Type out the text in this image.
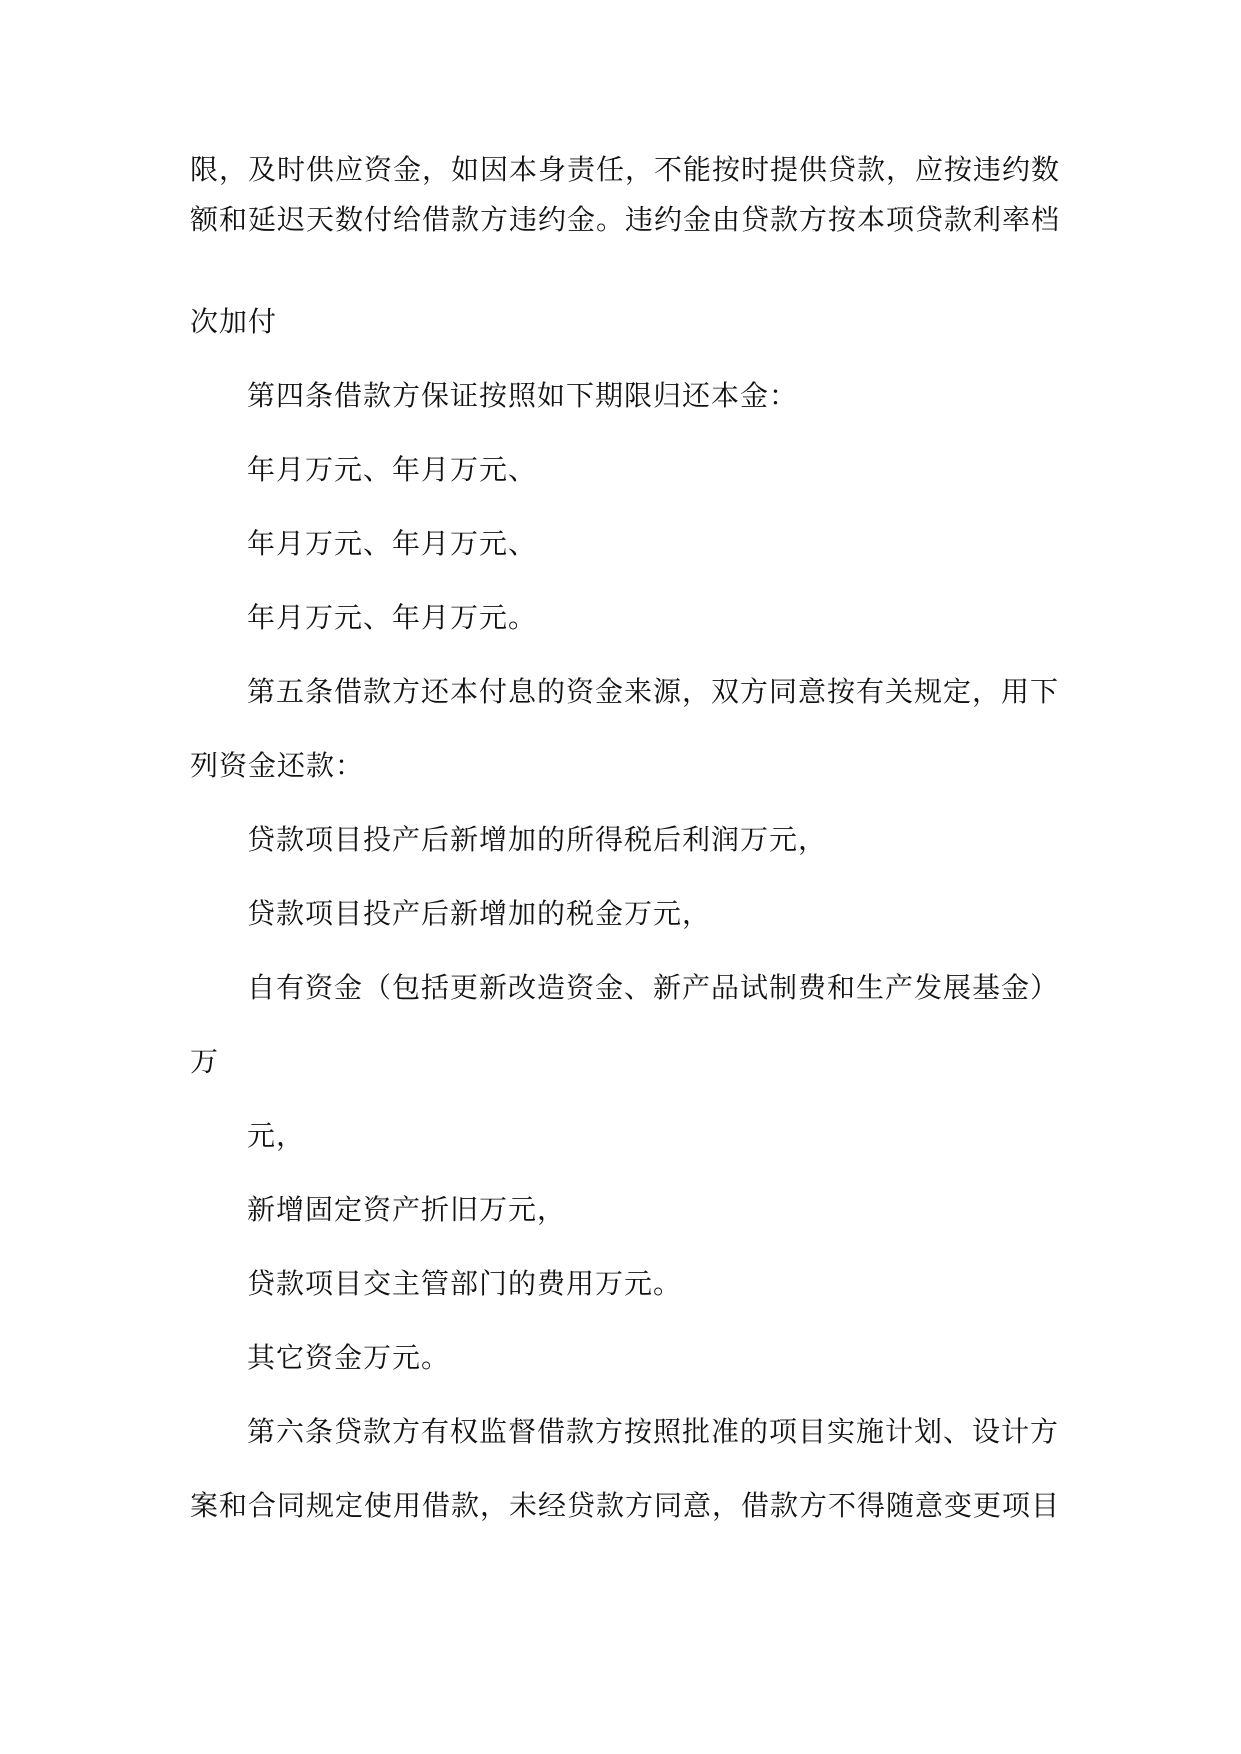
限，及时供应资金，如因本身责任，不能按时提供贷款，应按违约数
额和延迟天数付给借款方违约金。违约金由贷款方按本项贷款利率档
次加付
第四条借款方保证按照如下期限归还本金：
年月万元、年月万元、
年月万元、年月万元、
年月万元、年月万元。
第五条借款方还本付息的资金来源，双方同意按有关规定，用下
列资金还款：
贷款项目投产后新增加的所得税后利润万元，
贷款项目投产后新增加的税金万元，
自有资金（包括更新改造资金、新产品试制费和生产发展基金）
万
元，
新增固定资产折旧万元，
贷款项目交主管部门的费用万元。
其它资金万元。
第六条贷款方有权监督借款方按照批准的项目实施计划、设计方
案和合同规定使用借款，未经贷款方同意，借款方不得随意变更项目
